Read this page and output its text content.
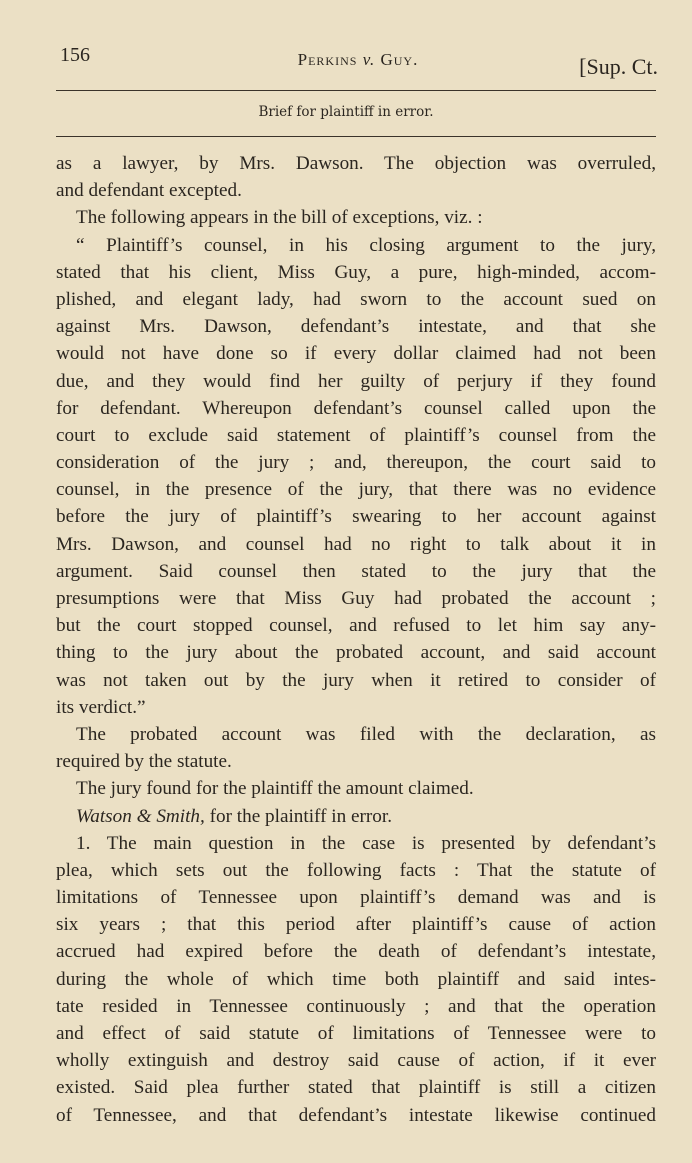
156	Perkins v. Guy.	[Sup. Ct.
Brief for plaintiff in error.
as a lawyer, by Mrs. Dawson. The objection was overruled,
and defendant excepted.
The following appears in the bill of exceptions, viz. :
“ Plaintiff’s counsel, in his closing argument to the jury,
stated that his client, Miss Guy, a pure, high-minded, accom-
plished, and elegant lady, had sworn to the account sued on
against Mrs. Dawson, defendant’s intestate, and that she
would not have done so if every dollar claimed had not been
due, and they would find her guilty of perjury if they found
for defendant. Whereupon defendant’s counsel called upon the
court to exclude said statement of plaintiff’s counsel from the
consideration of the jury ; and, thereupon, the court said to
counsel, in the presence of the jury, that there was no evidence
before the jury of plaintiff’s swearing to her account against
Mrs. Dawson, and counsel had no right to talk about it in
argument. Said counsel then stated to the jury that the
presumptions were that Miss Guy had probated the account ;
but the court stopped counsel, and refused to let him say any-
thing to the jury about the probated account, and said account
was not taken out by the jury when it retired to consider of
its verdict.”
The probated account was filed with the declaration, as
required by the statute.
The jury found for the plaintiff the amount claimed.
Watson & Smith, for the plaintiff in error.
1. The main question in the case is presented by defendant’s
plea, which sets out the following facts : That the statute of
limitations of Tennessee upon plaintiff’s demand was and is
six years ; that this period after plaintiff’s cause of action
accrued had expired before the death of defendant’s intestate,
during the whole of which time both plaintiff and said intes-
tate resided in Tennessee continuously ; and that the operation
and effect of said statute of limitations of Tennessee were to
wholly extinguish and destroy said cause of action, if it ever
existed. Said plea further stated that plaintiff is still a citizen
of Tennessee, and that defendant’s intestate likewise continued
